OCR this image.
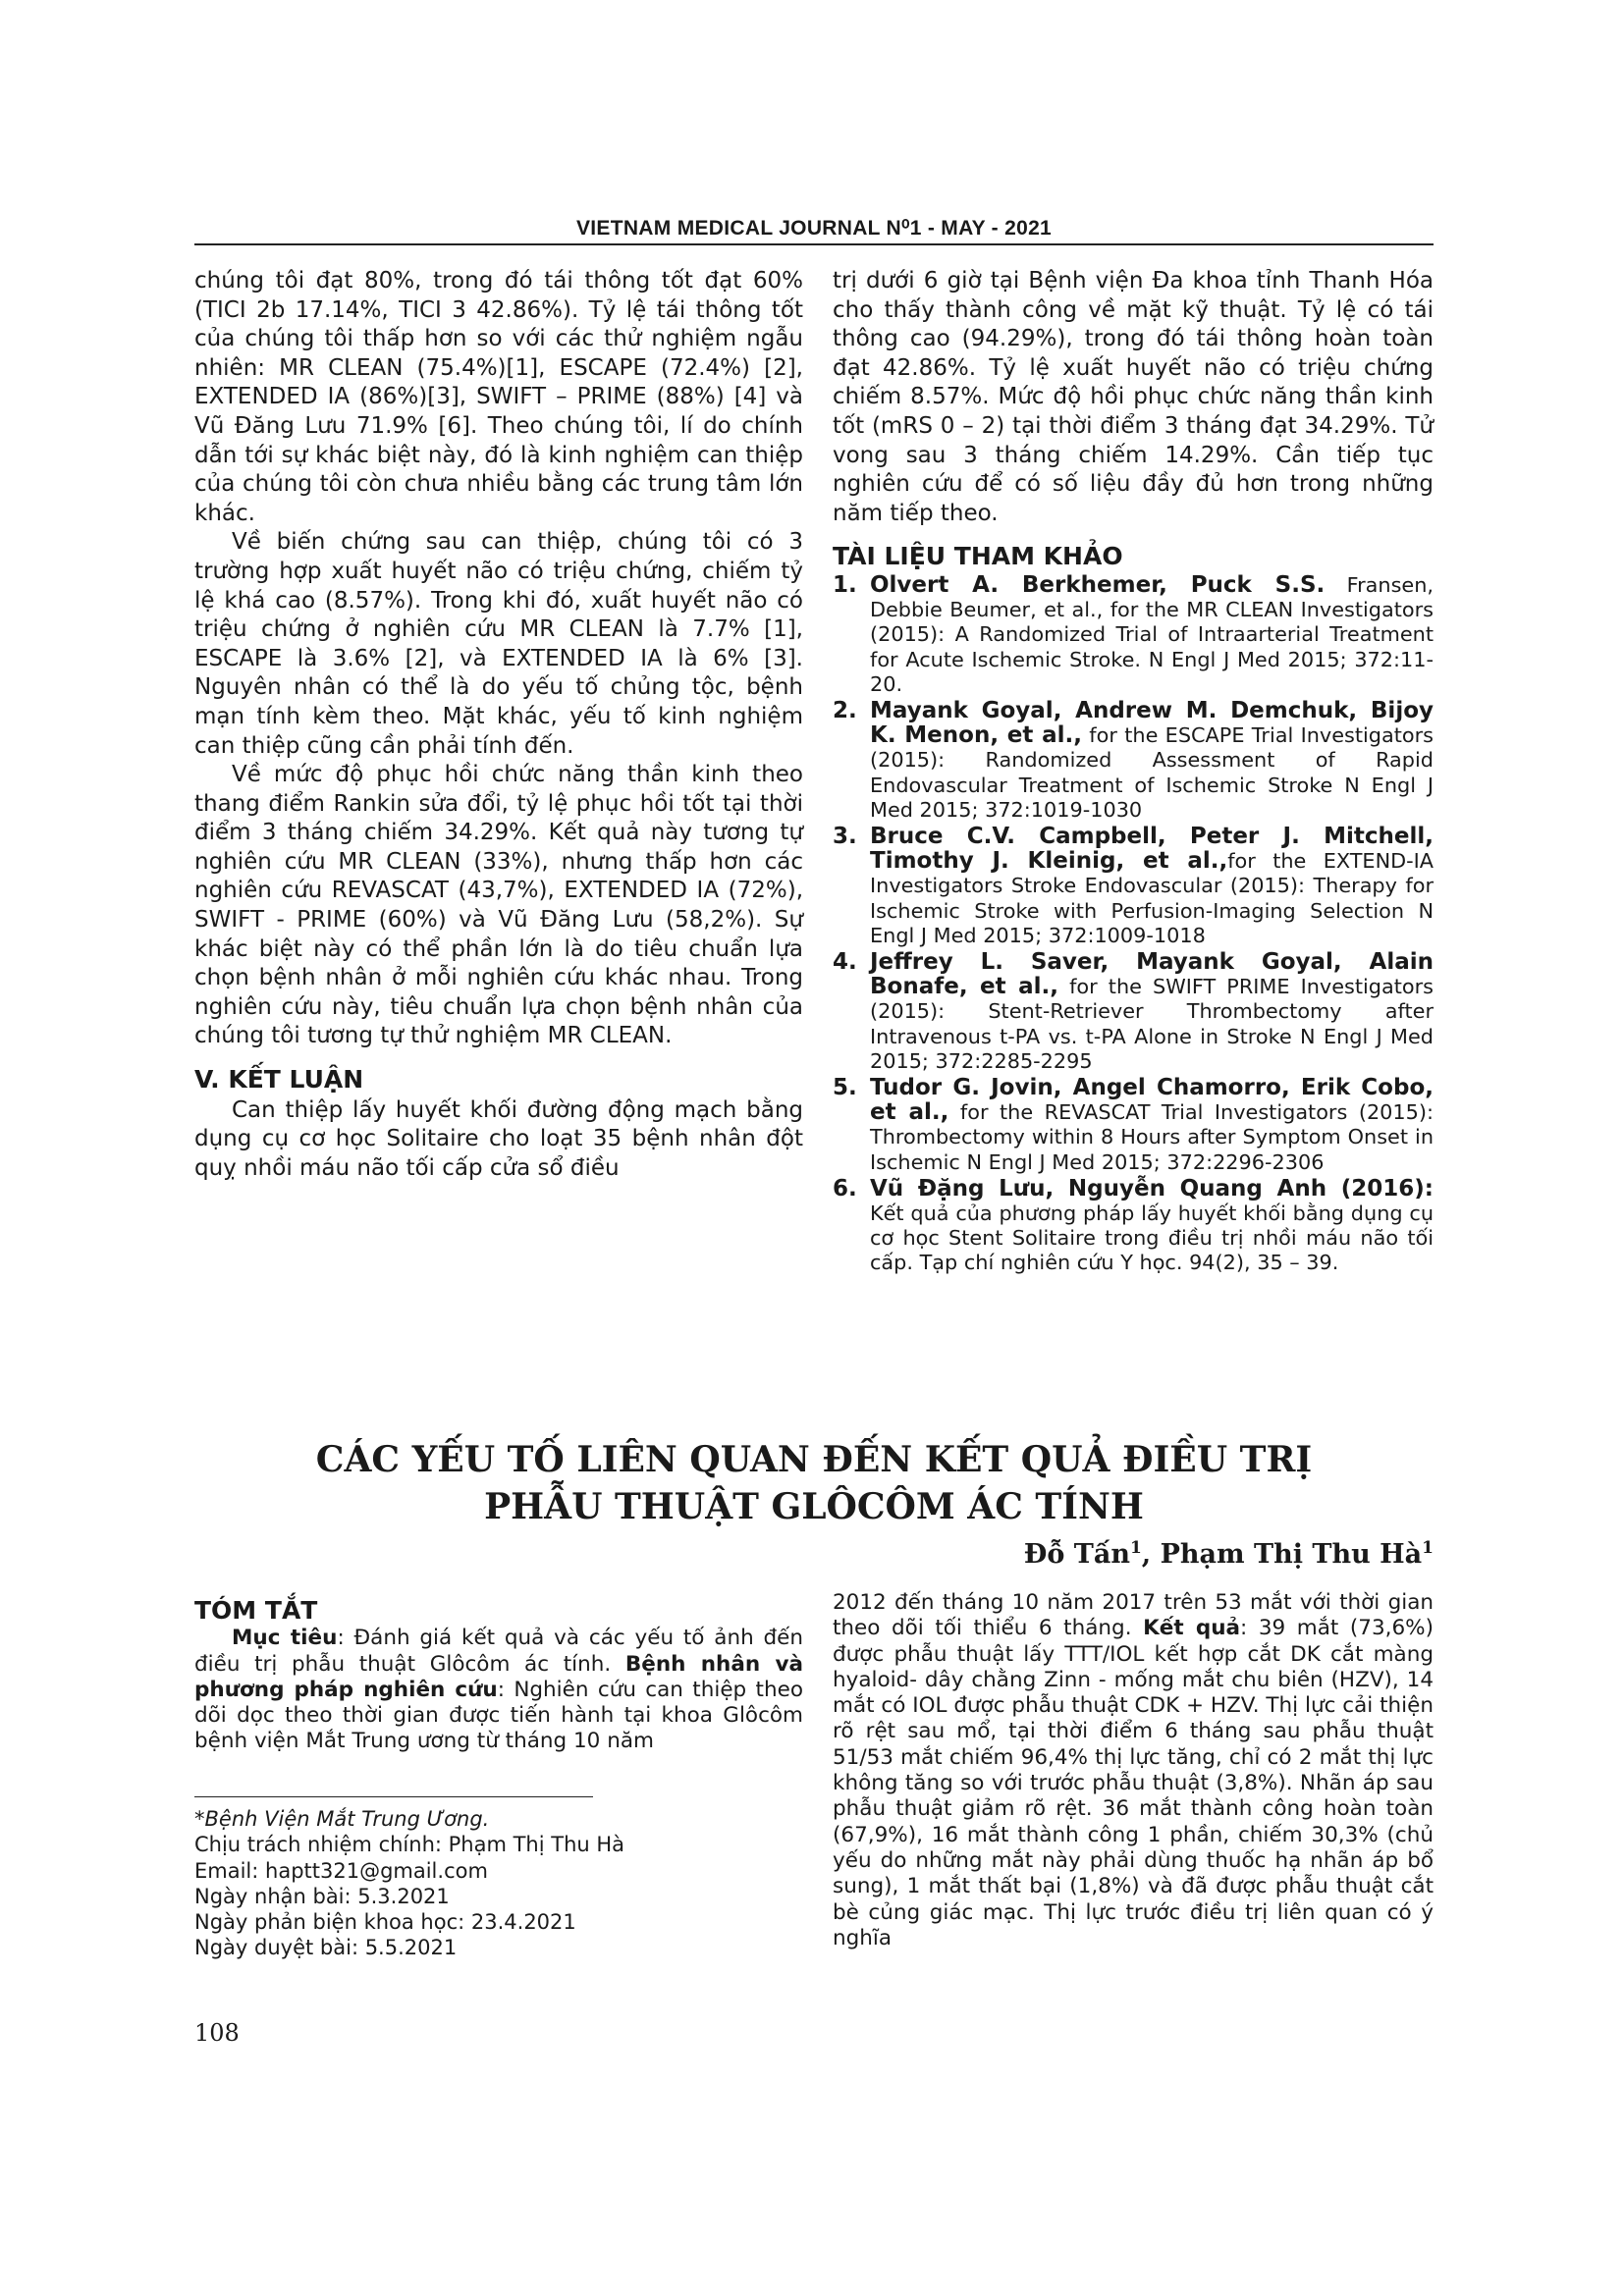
VIETNAM MEDICAL JOURNAL N⁰1 - MAY - 2021

chúng tôi đạt 80%, trong đó tái thông tốt đạt 60%(TICI 2b 17.14%, TICI 3 42.86%). Tỷ lệ tái thông tốt của chúng tôi thấp hơn so với các thử nghiệm ngẫu nhiên: MR CLEAN (75.4%)[1], ESCAPE (72.4%) [2], EXTENDED IA (86%)[3], SWIFT – PRIME (88%) [4] và Vũ Đăng Lưu 71.9% [6]. Theo chúng tôi, lí do chính dẫn tới sự khác biệt này, đó là kinh nghiệm can thiệp của chúng tôi còn chưa nhiều bằng các trung tâm lớn khác.

Về biến chứng sau can thiệp, chúng tôi có 3 trường hợp xuất huyết não có triệu chứng, chiếm tỷ lệ khá cao (8.57%). Trong khi đó, xuất huyết não có triệu chứng ở nghiên cứu MR CLEAN là 7.7% [1], ESCAPE là 3.6% [2], và EXTENDED IA là 6% [3]. Nguyên nhân có thể là do yếu tố chủng tộc, bệnh mạn tính kèm theo. Mặt khác, yếu tố kinh nghiệm can thiệp cũng cần phải tính đến.

Về mức độ phục hồi chức năng thần kinh theo thang điểm Rankin sửa đổi, tỷ lệ phục hồi tốt tại thời điểm 3 tháng chiếm 34.29%. Kết quả này tương tự nghiên cứu MR CLEAN (33%), nhưng thấp hơn các nghiên cứu REVASCAT (43,7%), EXTENDED IA (72%), SWIFT - PRIME (60%) và Vũ Đăng Lưu (58,2%). Sự khác biệt này có thể phần lớn là do tiêu chuẩn lựa chọn bệnh nhân ở mỗi nghiên cứu khác nhau. Trong nghiên cứu này, tiêu chuẩn lựa chọn bệnh nhân của chúng tôi tương tự thử nghiệm MR CLEAN.

V. KẾT LUẬN

Can thiệp lấy huyết khối đường động mạch bằng dụng cụ cơ học Solitaire cho loạt 35 bệnh nhân đột quỵ nhồi máu não tối cấp cửa sổ điều

trị dưới 6 giờ tại Bệnh viện Đa khoa tỉnh Thanh Hóa cho thấy thành công về mặt kỹ thuật. Tỷ lệ có tái thông cao (94.29%), trong đó tái thông hoàn toàn đạt 42.86%. Tỷ lệ xuất huyết não có triệu chứng chiếm 8.57%. Mức độ hồi phục chức năng thần kinh tốt (mRS 0 – 2) tại thời điểm 3 tháng đạt 34.29%. Tử vong sau 3 tháng chiếm 14.29%. Cần tiếp tục nghiên cứu để có số liệu đầy đủ hơn trong những năm tiếp theo.

TÀI LIỆU THAM KHẢO
1. Olvert A. Berkhemer, Puck S.S. Fransen, Debbie Beumer, et al., for the MR CLEAN Investigators (2015): A Randomized Trial of Intraarterial Treatment for Acute Ischemic Stroke. N Engl J Med 2015; 372:11-20.
2. Mayank Goyal, Andrew M. Demchuk, Bijoy K. Menon, et al., for the ESCAPE Trial Investigators (2015): Randomized Assessment of Rapid Endovascular Treatment of Ischemic Stroke N Engl J Med 2015; 372:1019-1030
3. Bruce C.V. Campbell, Peter J. Mitchell, Timothy J. Kleinig, et al.,for the EXTEND-IA Investigators Stroke Endovascular (2015): Therapy for Ischemic Stroke with Perfusion-Imaging Selection N Engl J Med 2015; 372:1009-1018
4. Jeffrey L. Saver, Mayank Goyal, Alain Bonafe, et al., for the SWIFT PRIME Investigators (2015): Stent-Retriever Thrombectomy after Intravenous t-PA vs. t-PA Alone in Stroke N Engl J Med 2015; 372:2285-2295
5. Tudor G. Jovin, Angel Chamorro, Erik Cobo, et al., for the REVASCAT Trial Investigators (2015): Thrombectomy within 8 Hours after Symptom Onset in Ischemic N Engl J Med 2015; 372:2296-2306
6. Vũ Đặng Lưu, Nguyễn Quang Anh (2016): Kết quả của phương pháp lấy huyết khối bằng dụng cụ cơ học Stent Solitaire trong điều trị nhồi máu não tối cấp. Tạp chí nghiên cứu Y học. 94(2), 35 – 39.
CÁC YẾU TỐ LIÊN QUAN ĐẾN KẾT QUẢ ĐIỀU TRỊ
PHẪU THUẬT GLÔCÔM ÁC TÍNH
Đỗ Tấn$^1$, Phạm Thị Thu $Hà^1$
TÓM TẮT

Mục tiêu: Đánh giá kết quả và các yếu tố ảnh đến điều trị phẫu thuật Glôcôm ác tính. Bệnh nhân và phương pháp nghiên cứu: Nghiên cứu can thiệp theo dõi dọc theo thời gian được tiến hành tại khoa Glôcôm bệnh viện Mắt Trung ương từ tháng 10 năm

2012 đến tháng 10 năm 2017 trên 53 mắt với thời gian theo dõi tối thiểu 6 tháng. Kết quả: 39 mắt (73,6%) được phẫu thuật lấy TTT/IOL kết hợp cắt DK cắt màng hyaloid- dây chằng Zinn - mống mắt chu biên (HZV), 14 mắt có IOL được phẫu thuật CDK + HZV. Thị lực cải thiện rõ rệt sau mổ, tại thời điểm 6 tháng sau phẫu thuật 51/53 mắt chiếm 96,4% thị lực tăng, chỉ có 2 mắt thị lực không tăng so với trước phẫu thuật (3,8%). Nhãn áp sau phẫu thuật giảm rõ rệt. 36 mắt thành công hoàn toàn (67,9%), 16 mắt thành công 1 phần, chiếm 30,3% (chủ yếu do những mắt này phải dùng thuốc hạ nhãn áp bổ sung), 1 mắt thất bại (1,8%) và đã được phẫu thuật cắt bè củng giác mạc. Thị lực trước điều trị liên quan có ý nghĩa

*Bệnh Viện Mắt Trung Ương.

Chịu trách nhiệm chính: Phạm Thị Thu Hà

Email: haptt321@gmail.com

Ngày nhận bài: 5.3.2021

Ngày phản biện khoa học: 23.4.2021

Ngày duyệt bài: 5.5.2021

108
